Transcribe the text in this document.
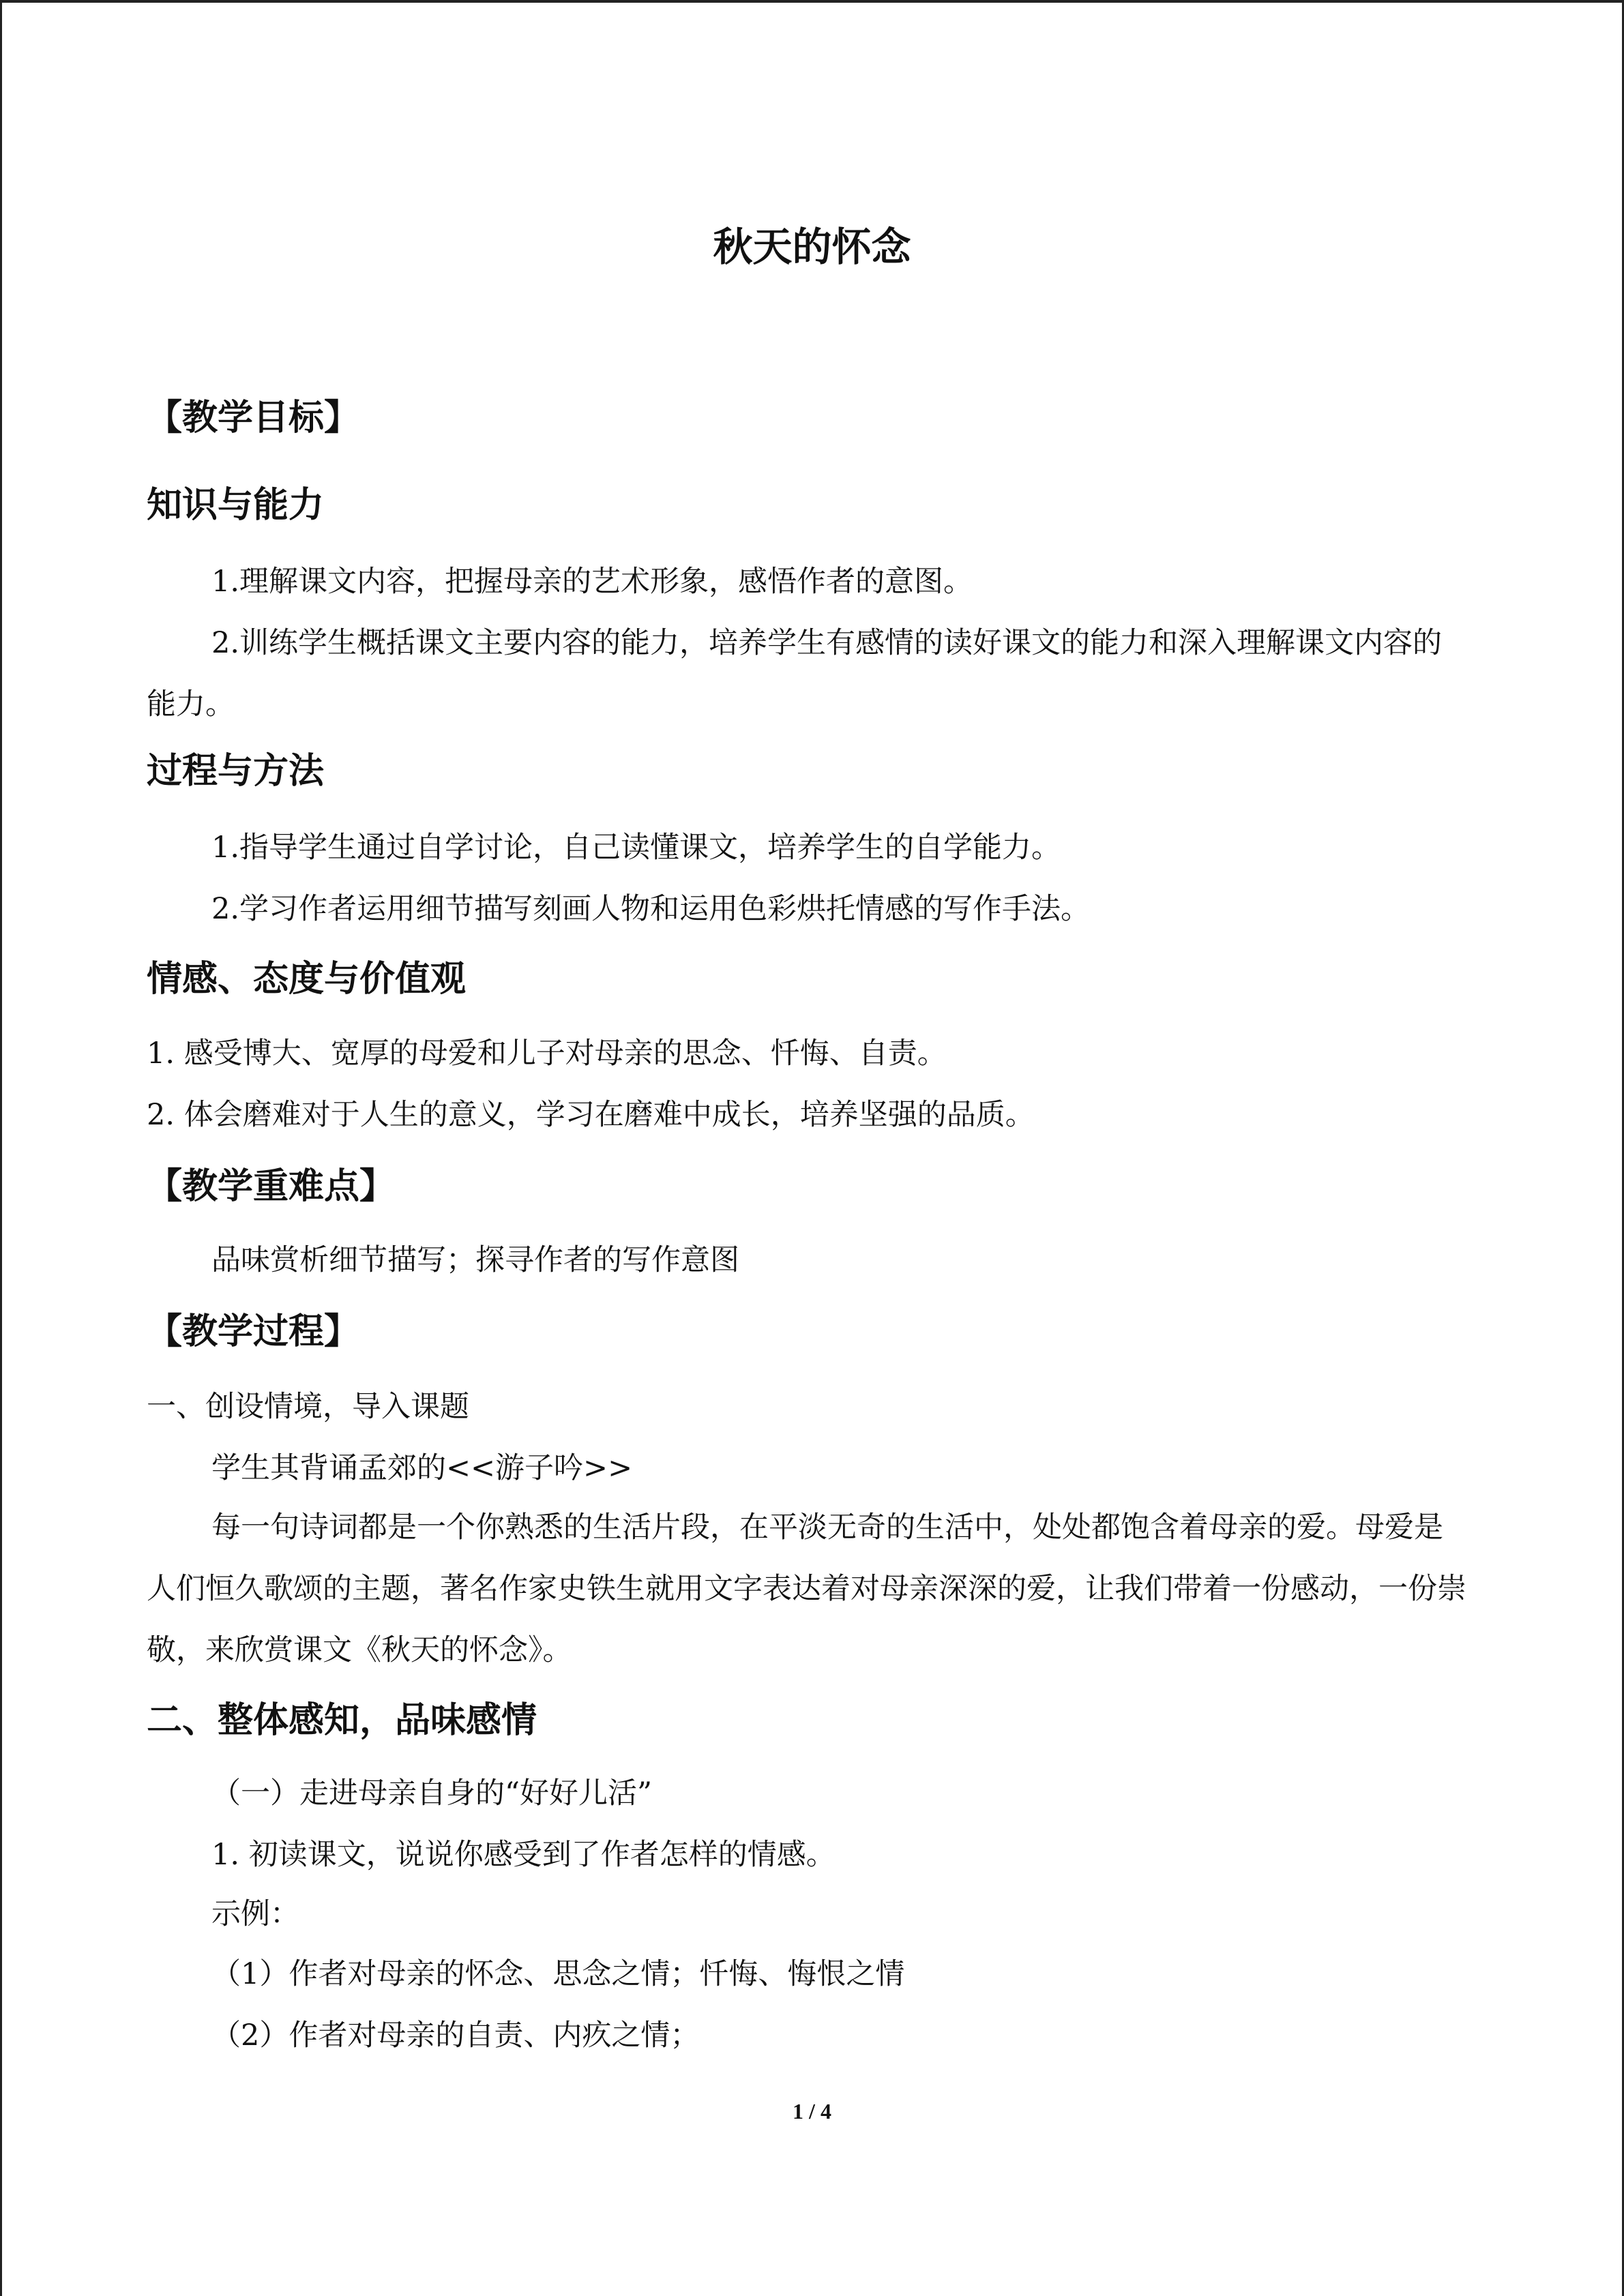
秋天的怀念
【教学目标】
知识与能力
1.理解课文内容，把握母亲的艺术形象，感悟作者的意图。
2.训练学生概括课文主要内容的能力，培养学生有感情的读好课文的能力和深入理解课文内容的能力。
过程与方法
1.指导学生通过自学讨论，自己读懂课文，培养学生的自学能力。
2.学习作者运用细节描写刻画人物和运用色彩烘托情感的写作手法。
情感、态度与价值观
1. 感受博大、宽厚的母爱和儿子对母亲的思念、忏悔、自责。
2. 体会磨难对于人生的意义，学习在磨难中成长，培养坚强的品质。
【教学重难点】
品味赏析细节描写；探寻作者的写作意图
【教学过程】
一、创设情境，导入课题
学生其背诵孟郊的<<游子吟>>
每一句诗词都是一个你熟悉的生活片段，在平淡无奇的生活中，处处都饱含着母亲的爱。母爱是人们恒久歌颂的主题，著名作家史铁生就用文字表达着对母亲深深的爱，让我们带着一份感动，一份崇敬，来欣赏课文《秋天的怀念》。
二、整体感知，品味感情
（一）走进母亲自身的“好好儿活”
1. 初读课文，说说你感受到了作者怎样的情感。
示例：
（1）作者对母亲的怀念、思念之情；忏悔、悔恨之情
（2）作者对母亲的自责、内疚之情；
1 / 4
